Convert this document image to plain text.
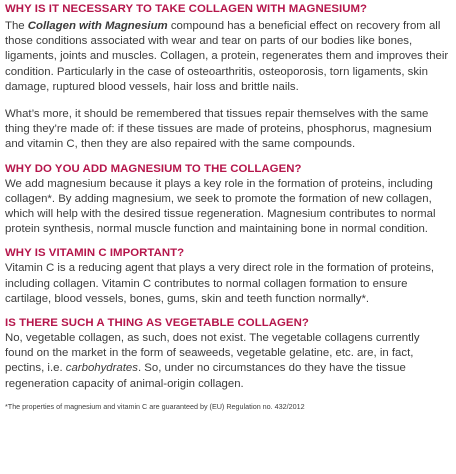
WHY IS IT NECESSARY TO TAKE COLLAGEN WITH MAGNESIUM?

The Collagen with Magnesium compound has a beneficial effect on recovery from all those conditions associated with wear and tear on parts of our bodies like bones, ligaments, joints and muscles. Collagen, a protein, regenerates them and improves their condition. Particularly in the case of osteoarthritis, osteoporosis, torn ligaments, skin damage, ruptured blood vessels, hair loss and brittle nails.

What’s more, it should be remembered that tissues repair themselves with the same thing they’re made of: if these tissues are made of proteins, phosphorus, magnesium and vitamin C, then they are also repaired with the same compounds.

WHY DO YOU ADD MAGNESIUM TO THE COLLAGEN?

We add magnesium because it plays a key role in the formation of proteins, including collagen*. By adding magnesium, we seek to promote the formation of new collagen, which will help with the desired tissue regeneration. Magnesium contributes to normal protein synthesis, normal muscle function and maintaining bone in normal condition.

WHY IS VITAMIN C IMPORTANT?

Vitamin C is a reducing agent that plays a very direct role in the formation of proteins, including collagen. Vitamin C contributes to normal collagen formation to ensure cartilage, blood vessels, bones, gums, skin and teeth function normally*.

IS THERE SUCH A THING AS VEGETABLE COLLAGEN?

No, vegetable collagen, as such, does not exist. The vegetable collagens currently found on the market in the form of seaweeds, vegetable gelatine, etc. are, in fact, pectins, i.e. carbohydrates. So, under no circumstances do they have the tissue regeneration capacity of animal-origin collagen.

*The properties of magnesium and vitamin C are guaranteed by (EU) Regulation no. 432/2012
